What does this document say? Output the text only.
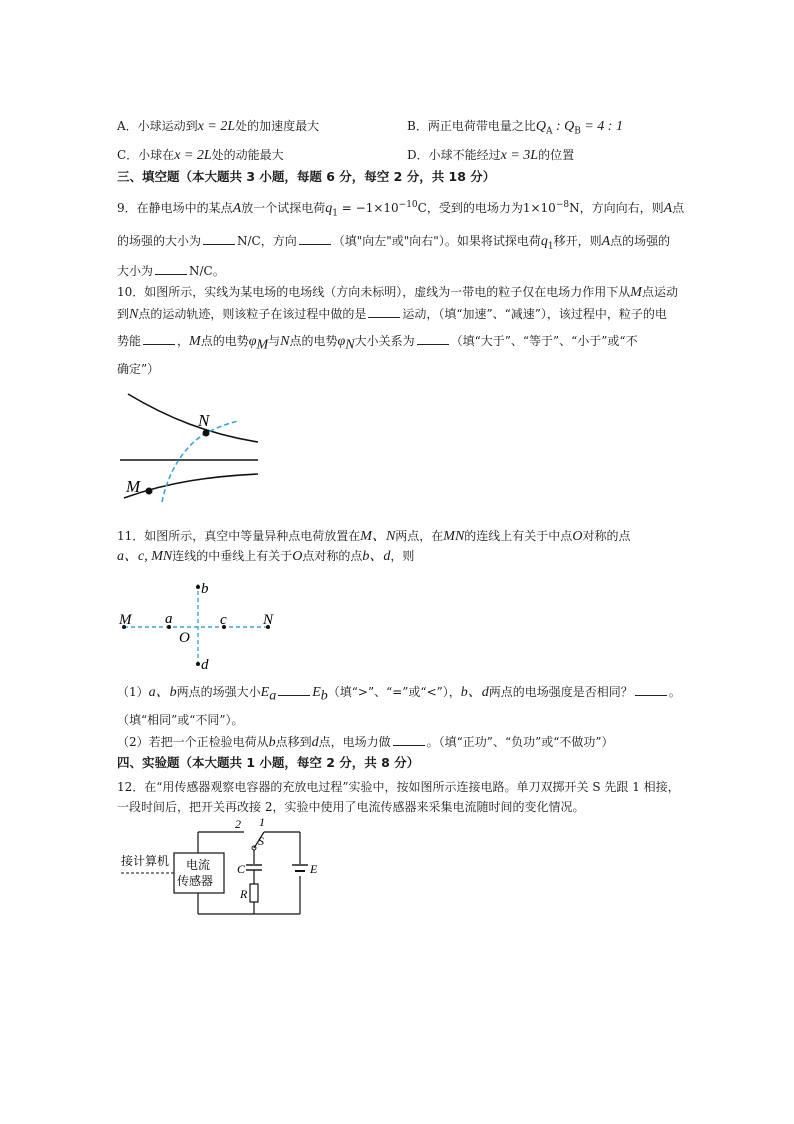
A．小球运动到x = 2L处的加速度最大	B．两正电荷带电量之比$Q_A$ : $Q_B = 4$ : 1
C．小球在x = 2L处的动能最大	D．小球不能经过x = 3L的位置
三、填空题（本大题共 3 小题，每题 6 分，每空 2 分，共 18 分）
9．在静电场中的某点A放一个试探电荷$q_1 = -1\times 10^{-10}C$，受到的电场力为$1\times 10^{-8}N$，方向向右，则A点
的场强的大小为	N/C，方向	（填"向左"或"向右"）。如果将试探电荷$q_1$移开，则A点的场强的
大小为	N/C。
10．如图所示，实线为某电场的电场线（方向未标明），虚线为一带电的粒子仅在电场力作用下从M点运动
到N点的运动轨迹，则该粒子在该过程中做的是	运动，（填“加速”、“减速”），该过程中，粒子的电
势能	，M点的电势$\varphi_M$与N点的电势$\varphi_N$大小关系为	（填“大于”、“等于”、“小于”或“不
确定”）
N
M
11．如图所示，真空中等量异种点电荷放置在M、N两点，在MN的连线上有关于中点O对称的点
a、c, MN连线的中垂线上有关于O点对称的点b、d，则
M a
O
c N
b
d
（1）a、b两点的场强大小$E_a$	$E_b$（填“>”、“=”或“<”），b、d两点的电场强度是否相同？	。
（填“相同”或“不同”）。
（2）若把一个正检验电荷从b点移到d点，电场力做	。（填“正功”、“负功”或“不做功”）
四、实验题（本大题共 1 小题，每空 2 分，共 8 分）
12．在“用传感器观察电容器的充放电过程”实验中，按如图所示连接电路。单刀双掷开关 S 先跟 1 相接，
一段时间后，把开关再改接 2，实验中使用了电流传感器来采集电流随时间的变化情况。
接计算机 电流
传感器
2 1
S
C
R
E
